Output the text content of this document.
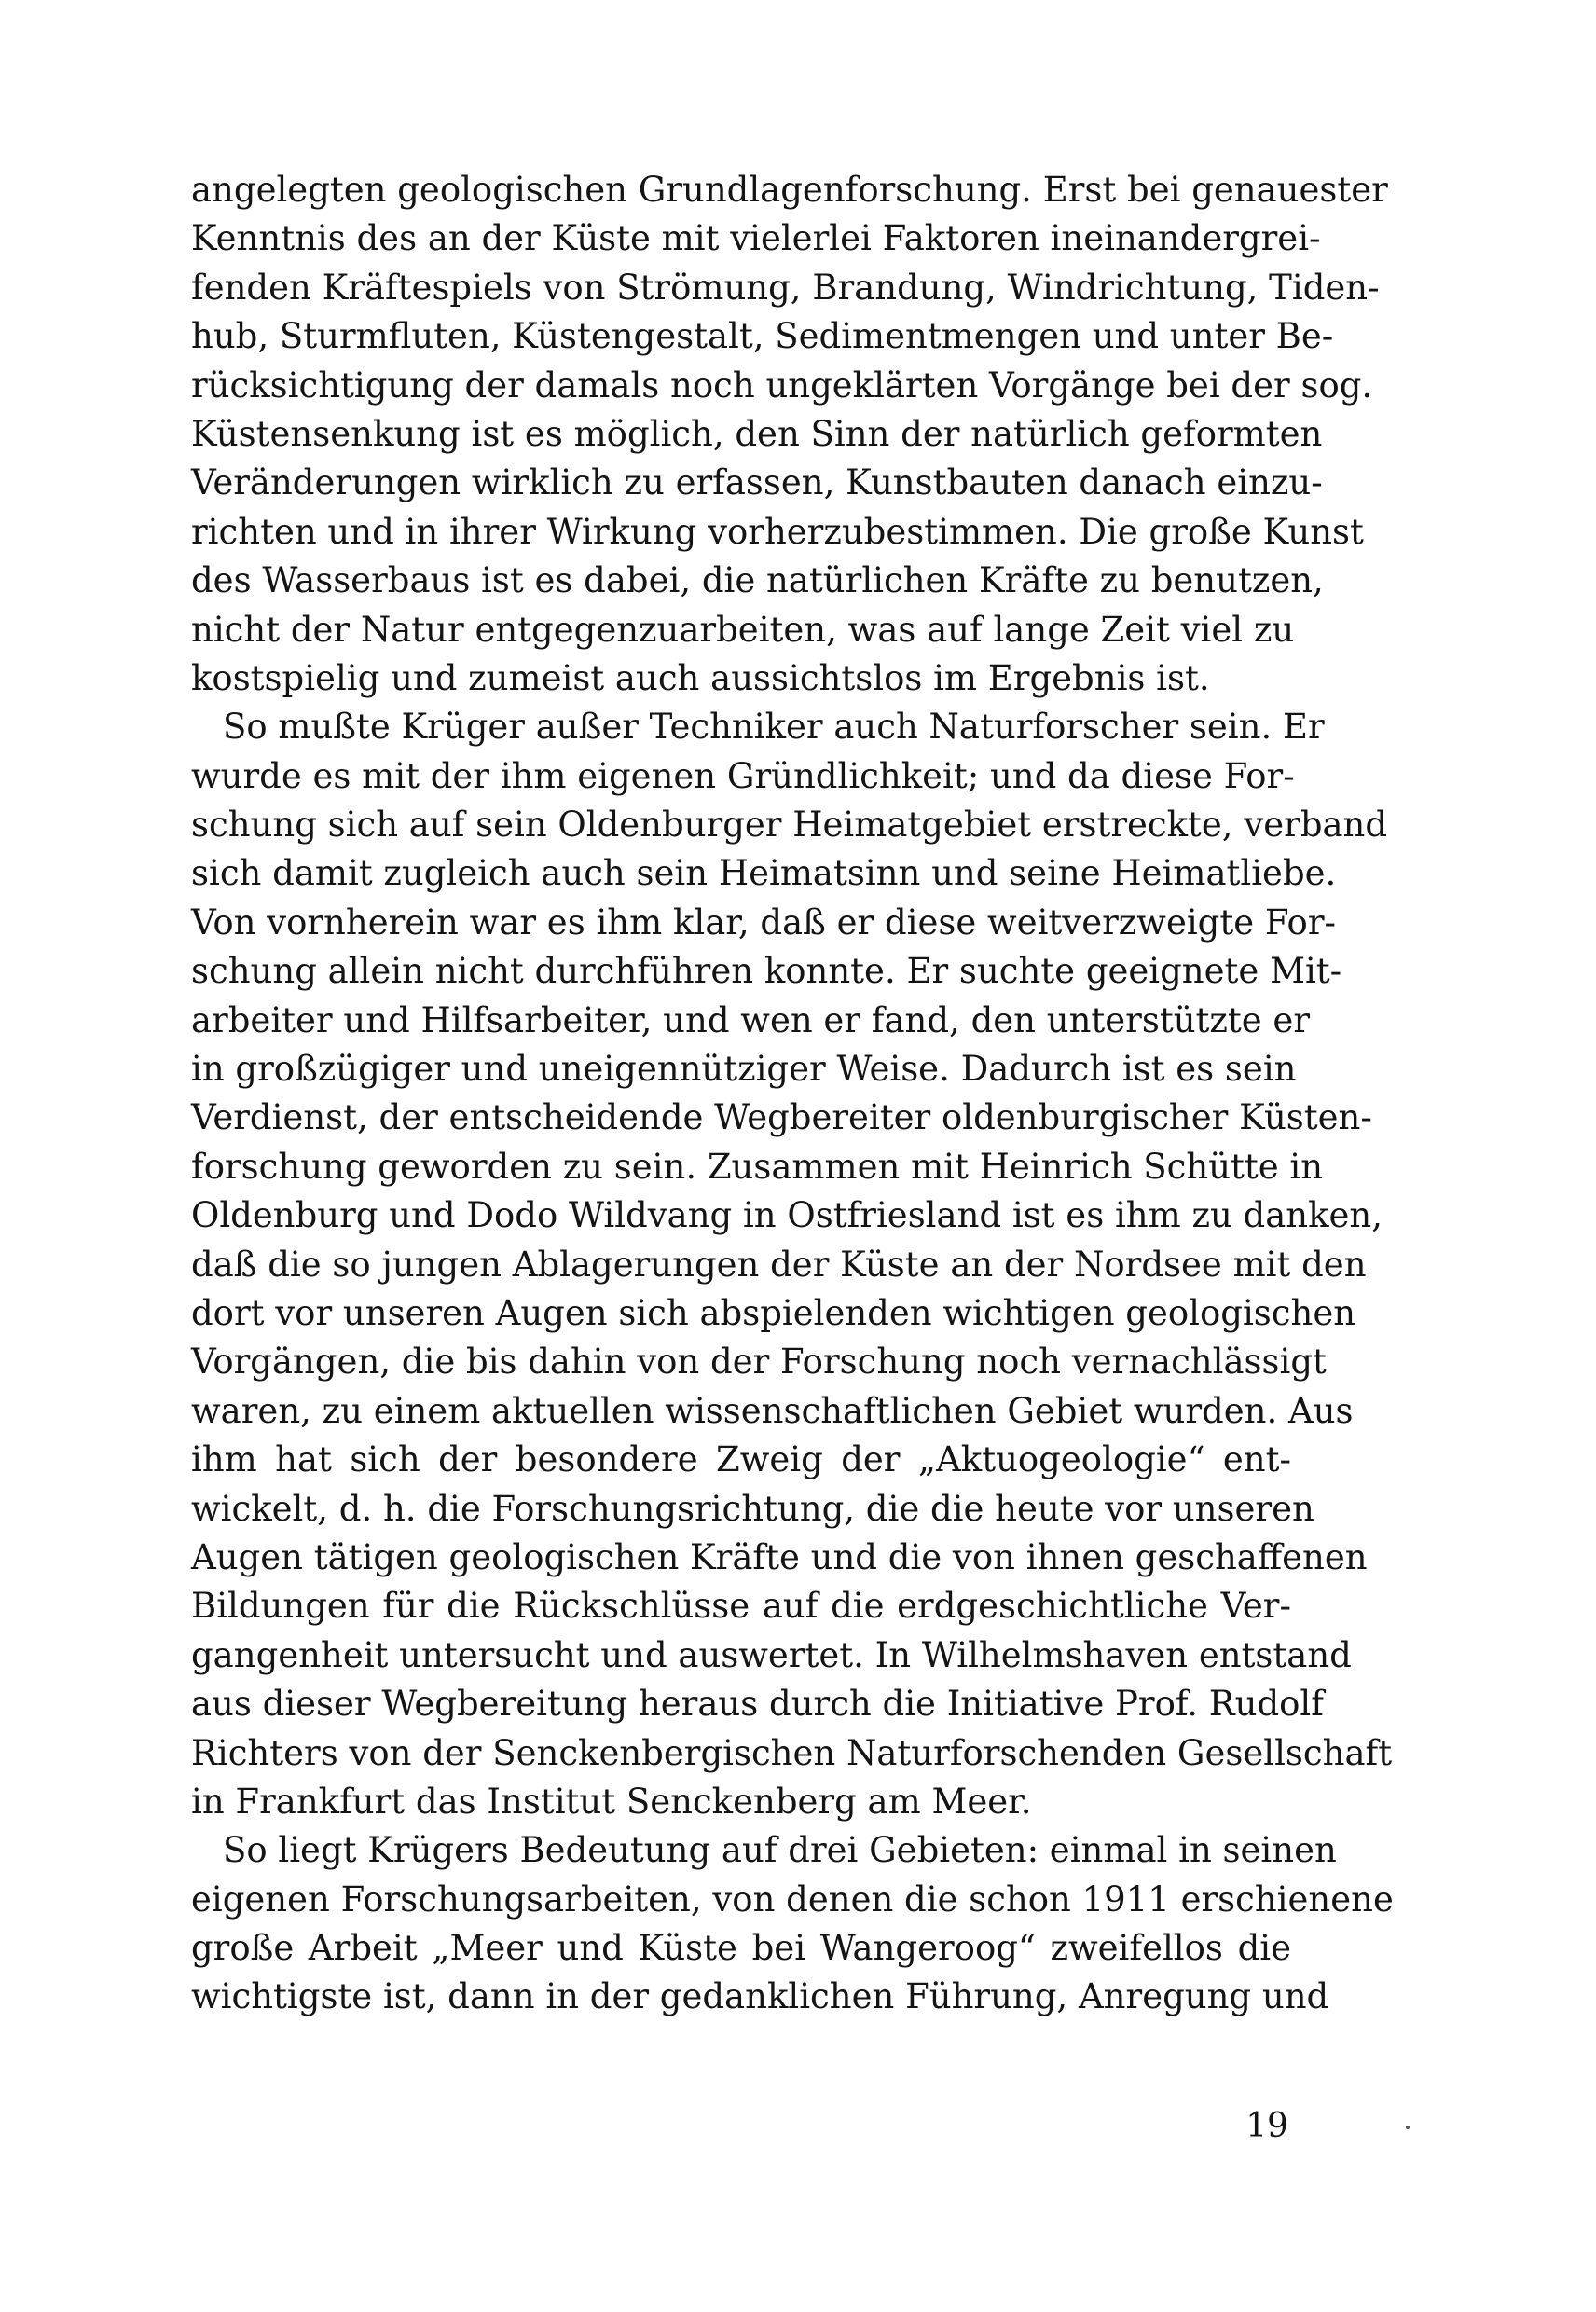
angelegten geologischen Grundlagenforschung. Erst bei genauester
Kenntnis des an der Küste mit vielerlei Faktoren ineinandergrei-
fenden Kräftespiels von Strömung, Brandung, Windrichtung, Tiden-
hub, Sturmfluten, Küstengestalt, Sedimentmengen und unter Be-
rücksichtigung der damals noch ungeklärten Vorgänge bei der sog.
Küstensenkung ist es möglich, den Sinn der natürlich geformten
Veränderungen wirklich zu erfassen, Kunstbauten danach einzu-
richten und in ihrer Wirkung vorherzubestimmen. Die große Kunst
des Wasserbaus ist es dabei, die natürlichen Kräfte zu benutzen,
nicht der Natur entgegenzuarbeiten, was auf lange Zeit viel zu
kostspielig und zumeist auch aussichtslos im Ergebnis ist.

So mußte Krüger außer Techniker auch Naturforscher sein. Er
wurde es mit der ihm eigenen Gründlichkeit; und da diese For-
schung sich auf sein Oldenburger Heimatgebiet erstreckte, verband
sich damit zugleich auch sein Heimatsinn und seine Heimatliebe.
Von vornherein war es ihm klar, daß er diese weitverzweigte For-
schung allein nicht durchführen konnte. Er suchte geeignete Mit-
arbeiter und Hilfsarbeiter, und wen er fand, den unterstützte er
in großzügiger und uneigennütziger Weise. Dadurch ist es sein
Verdienst, der entscheidende Wegbereiter oldenburgischer Küsten-
forschung geworden zu sein. Zusammen mit Heinrich Schütte in
Oldenburg und Dodo Wildvang in Ostfriesland ist es ihm zu danken,
daß die so jungen Ablagerungen der Küste an der Nordsee mit den
dort vor unseren Augen sich abspielenden wichtigen geologischen
Vorgängen, die bis dahin von der Forschung noch vernachlässigt
waren, zu einem aktuellen wissenschaftlichen Gebiet wurden. Aus
ihm hat sich der besondere Zweig der „Aktuogeologie“ ent-
wickelt, d. h. die Forschungsrichtung, die die heute vor unseren
Augen tätigen geologischen Kräfte und die von ihnen geschaffenen
Bildungen für die Rückschlüsse auf die erdgeschichtliche Ver-
gangenheit untersucht und auswertet. In Wilhelmshaven entstand
aus dieser Wegbereitung heraus durch die Initiative Prof. Rudolf
Richters von der Senckenbergischen Naturforschenden Gesellschaft
in Frankfurt das Institut Senckenberg am Meer.

So liegt Krügers Bedeutung auf drei Gebieten: einmal in seinen
eigenen Forschungsarbeiten, von denen die schon 1911 erschienene
große Arbeit „Meer und Küste bei Wangeroog“ zweifellos die
wichtigste ist, dann in der gedanklichen Führung, Anregung und

19
